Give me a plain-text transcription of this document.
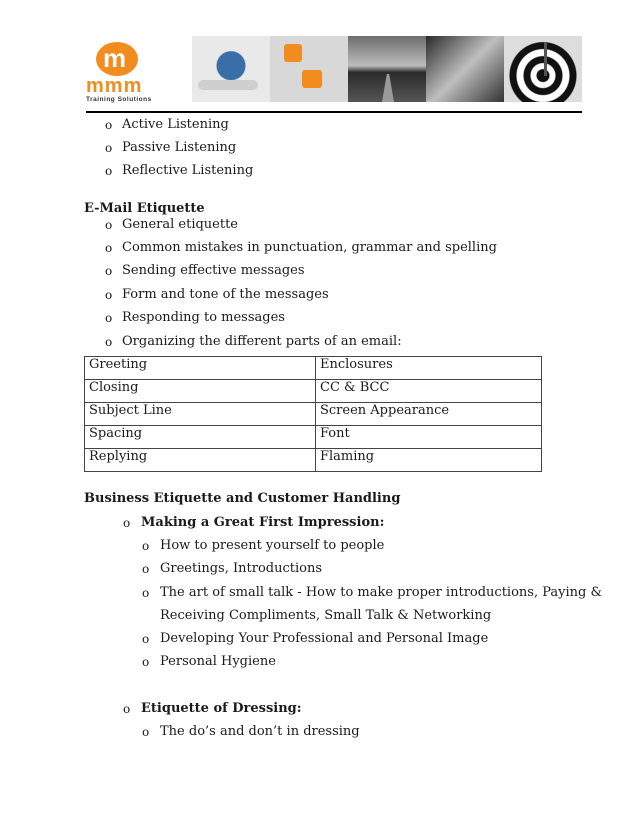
m
mmm
Training Solutions
o Active Listening
o Passive Listening
o Reflective Listening
E-Mail Etiquette
o General etiquette
o Common mistakes in punctuation, grammar and spelling
o Sending effective messages
o Form and tone of the messages
o Responding to messages
o Organizing the different parts of an email:
Greeting	Enclosures
Closing	CC & BCC
Subject Line	Screen Appearance
Spacing	Font
Replying	Flaming
Business Etiquette and Customer Handling
o Making a Great First Impression:
o How to present yourself to people
o Greetings, Introductions
o The art of small talk - How to make proper introductions, Paying &
Receiving Compliments, Small Talk & Networking
o Developing Your Professional and Personal Image
o Personal Hygiene
o Etiquette of Dressing:
o The do’s and don’t in dressing
